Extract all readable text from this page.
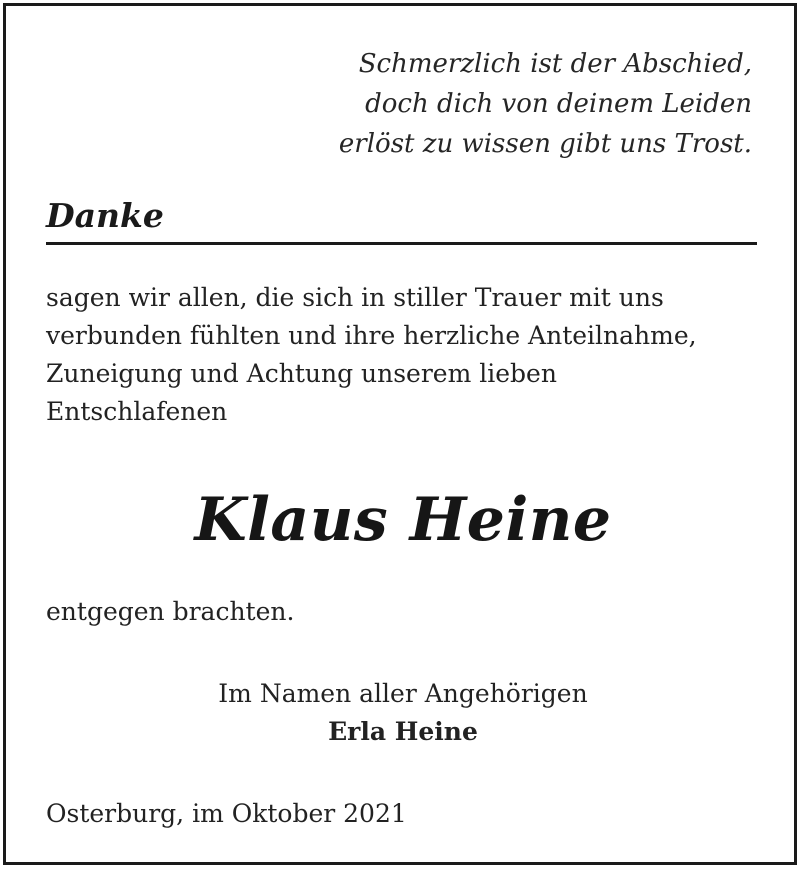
Schmerzlich ist der Abschied,
doch dich von deinem Leiden
erlöst zu wissen gibt uns Trost.
Danke
sagen wir allen, die sich in stiller Trauer mit uns
verbunden fühlten und ihre herzliche Anteilnahme,
Zuneigung und Achtung unserem lieben
Entschlafenen
Klaus Heine
entgegen brachten.
Im Namen aller Angehörigen
Erla Heine
Osterburg, im Oktober 2021
